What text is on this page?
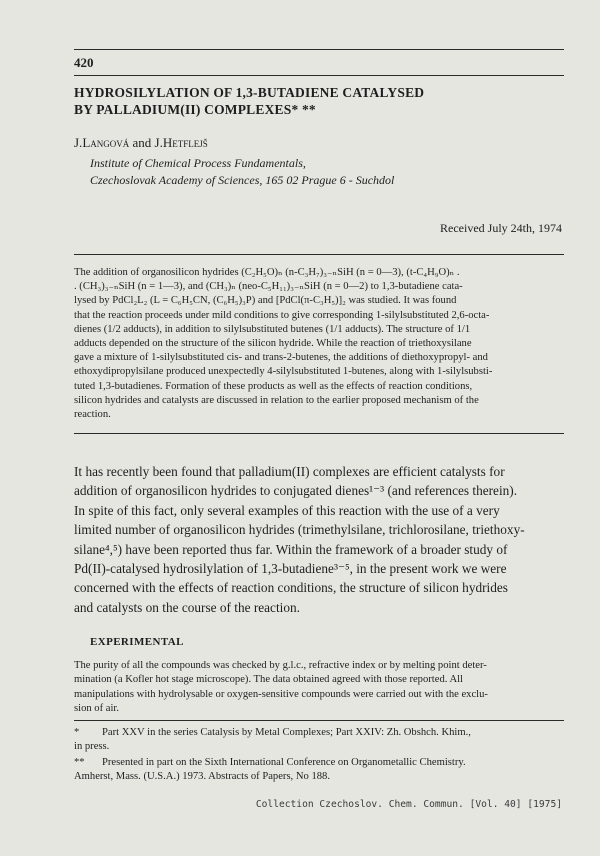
420
HYDROSILYLATION OF 1,3-BUTADIENE CATALYSED
BY PALLADIUM(II) COMPLEXES* **
J.Langová and J.Hetflejš
Institute of Chemical Process Fundamentals,
Czechoslovak Academy of Sciences, 165 02 Prague 6 - Suchdol
Received July 24th, 1974
The addition of organosilicon hydrides (C₂H₅O)ₙ (n-C₃H₇)₃₋ₙSiH (n = 0—3), (t-C₄H₉O)ₙ .
. (CH₃)₃₋ₙSiH (n = 1—3), and (CH₃)ₙ (neo-C₅H₁₁)₃₋ₙSiH (n = 0—2) to 1,3-butadiene cata-
lysed by PdCl₂L₂ (L = C₆H₅CN, (C₆H₅)₃P) and [PdCl(π-C₃H₅)]₂ was studied. It was found
that the reaction proceeds under mild conditions to give corresponding 1-silylsubstituted 2,6-octa-
dienes (1/2 adducts), in addition to silylsubstituted butenes (1/1 adducts). The structure of 1/1
adducts depended on the structure of the silicon hydride. While the reaction of triethoxysilane
gave a mixture of 1-silylsubstituted cis- and trans-2-butenes, the additions of diethoxypropyl- and
ethoxydipropylsilane produced unexpectedly 4-silylsubstituted 1-butenes, along with 1-silylsubsti-
tuted 1,3-butadienes. Formation of these products as well as the effects of reaction conditions,
silicon hydrides and catalysts are discussed in relation to the earlier proposed mechanism of the
reaction.
It has recently been found that palladium(II) complexes are efficient catalysts for
addition of organosilicon hydrides to conjugated dienes¹⁻³ (and references therein).
In spite of this fact, only several examples of this reaction with the use of a very
limited number of organosilicon hydrides (trimethylsilane, trichlorosilane, triethoxy-
silane⁴,⁵) have been reported thus far. Within the framework of a broader study of
Pd(II)-catalysed hydrosilylation of 1,3-butadiene³⁻⁵, in the present work we were
concerned with the effects of reaction conditions, the structure of silicon hydrides
and catalysts on the course of the reaction.
EXPERIMENTAL
The purity of all the compounds was checked by g.l.c., refractive index or by melting point deter-
mination (a Kofler hot stage microscope). The data obtained agreed with those reported. All
manipulations with hydrolysable or oxygen-sensitive compounds were carried out with the exclu-
sion of air.
* Part XXV in the series Catalysis by Metal Complexes; Part XXIV: Zh. Obshch. Khim.,
in press.
** Presented in part on the Sixth International Conference on Organometallic Chemistry.
Amherst, Mass. (U.S.A.) 1973. Abstracts of Papers, No 188.
Collection Czechoslov. Chem. Commun. [Vol. 40] [1975]
